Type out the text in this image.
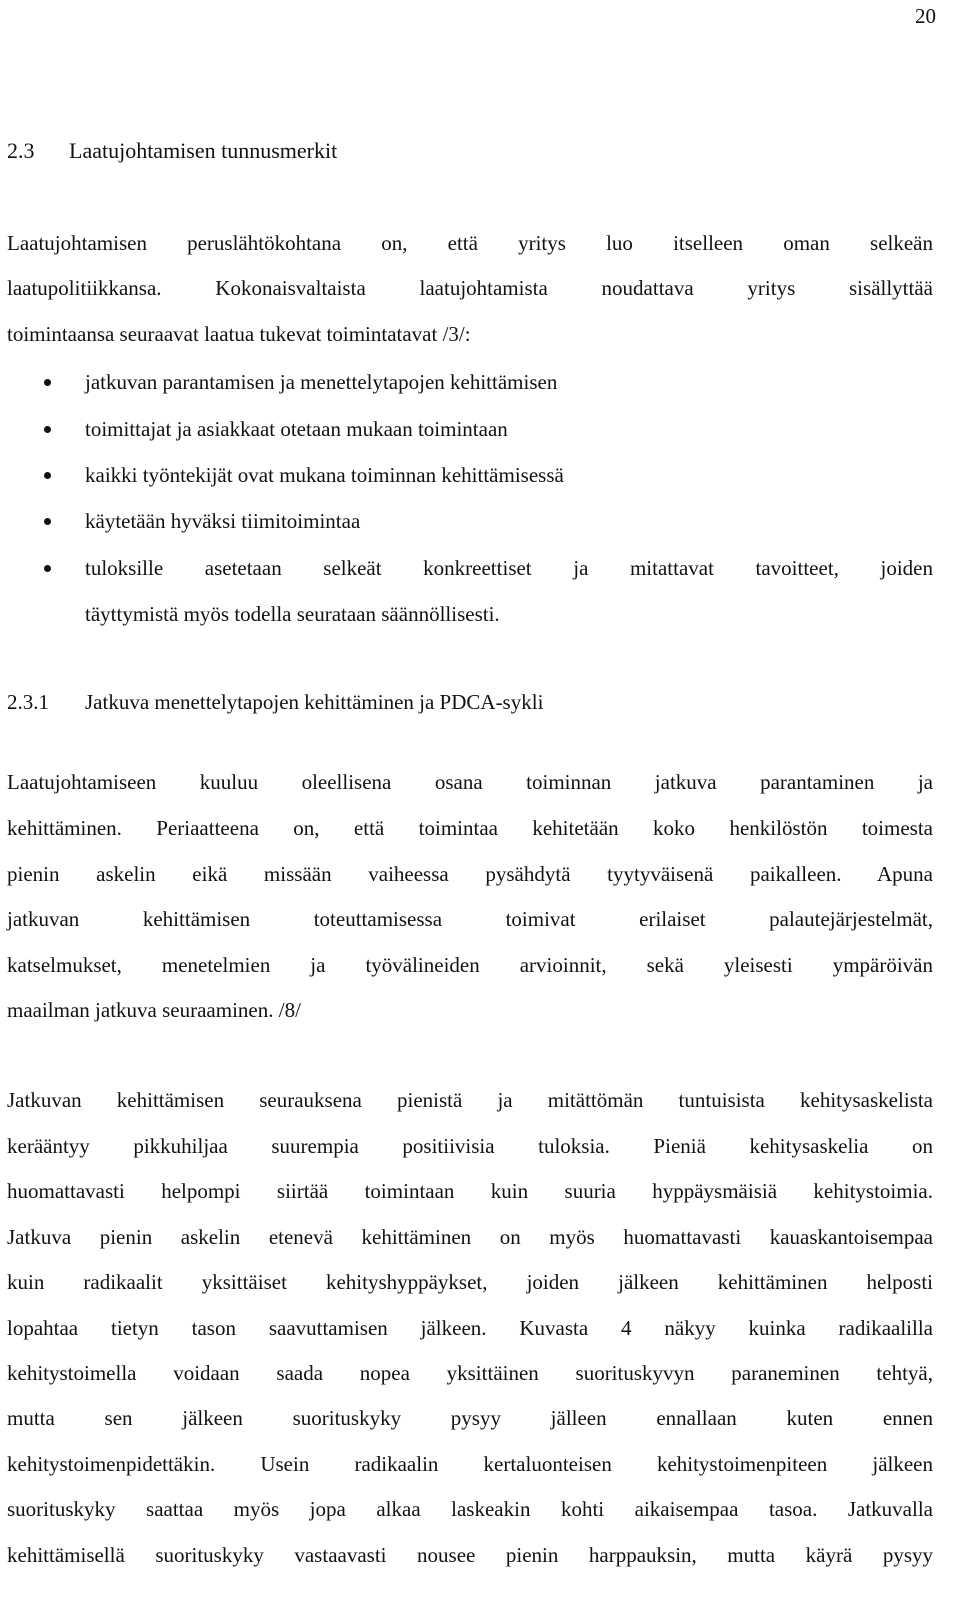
20
2.3 Laatujohtamisen tunnusmerkit
Laatujohtamisen peruslähtökohtana on, että yritys luo itselleen oman selkeän
laatupolitiikkansa. Kokonaisvaltaista laatujohtamista noudattava yritys sisällyttää
toimintaansa seuraavat laatua tukevat toimintatavat /3/:
jatkuvan parantamisen ja menettelytapojen kehittämisen
toimittajat ja asiakkaat otetaan mukaan toimintaan
kaikki työntekijät ovat mukana toiminnan kehittämisessä
käytetään hyväksi tiimitoimintaa
tuloksille asetetaan selkeät konkreettiset ja mitattavat tavoitteet, joiden
täyttymistä myös todella seurataan säännöllisesti.
2.3.1 Jatkuva menettelytapojen kehittäminen ja PDCA-sykli
Laatujohtamiseen kuuluu oleellisena osana toiminnan jatkuva parantaminen ja
kehittäminen. Periaatteena on, että toimintaa kehitetään koko henkilöstön toimesta
pienin askelin eikä missään vaiheessa pysähdytä tyytyväisenä paikalleen. Apuna
jatkuvan kehittämisen toteuttamisessa toimivat erilaiset palautejärjestelmät,
katselmukset, menetelmien ja työvälineiden arvioinnit, sekä yleisesti ympäröivän
maailman jatkuva seuraaminen. /8/
Jatkuvan kehittämisen seurauksena pienistä ja mitättömän tuntuisista kehitysaskelista
kerääntyy pikkuhiljaa suurempia positiivisia tuloksia. Pieniä kehitysaskelia on
huomattavasti helpompi siirtää toimintaan kuin suuria hyppäysmäisiä kehitystoimia.
Jatkuva pienin askelin etenevä kehittäminen on myös huomattavasti kauaskantoisempaa
kuin radikaalit yksittäiset kehityshyppäykset, joiden jälkeen kehittäminen helposti
lopahtaa tietyn tason saavuttamisen jälkeen. Kuvasta 4 näkyy kuinka radikaalilla
kehitystoimella voidaan saada nopea yksittäinen suorituskyvyn paraneminen tehtyä,
mutta sen jälkeen suorituskyky pysyy jälleen ennallaan kuten ennen
kehitystoimenpidettäkin. Usein radikaalin kertaluonteisen kehitystoimenpiteen jälkeen
suorituskyky saattaa myös jopa alkaa laskeakin kohti aikaisempaa tasoa. Jatkuvalla
kehittämisellä suorituskyky vastaavasti nousee pienin harppauksin, mutta käyrä pysyy
